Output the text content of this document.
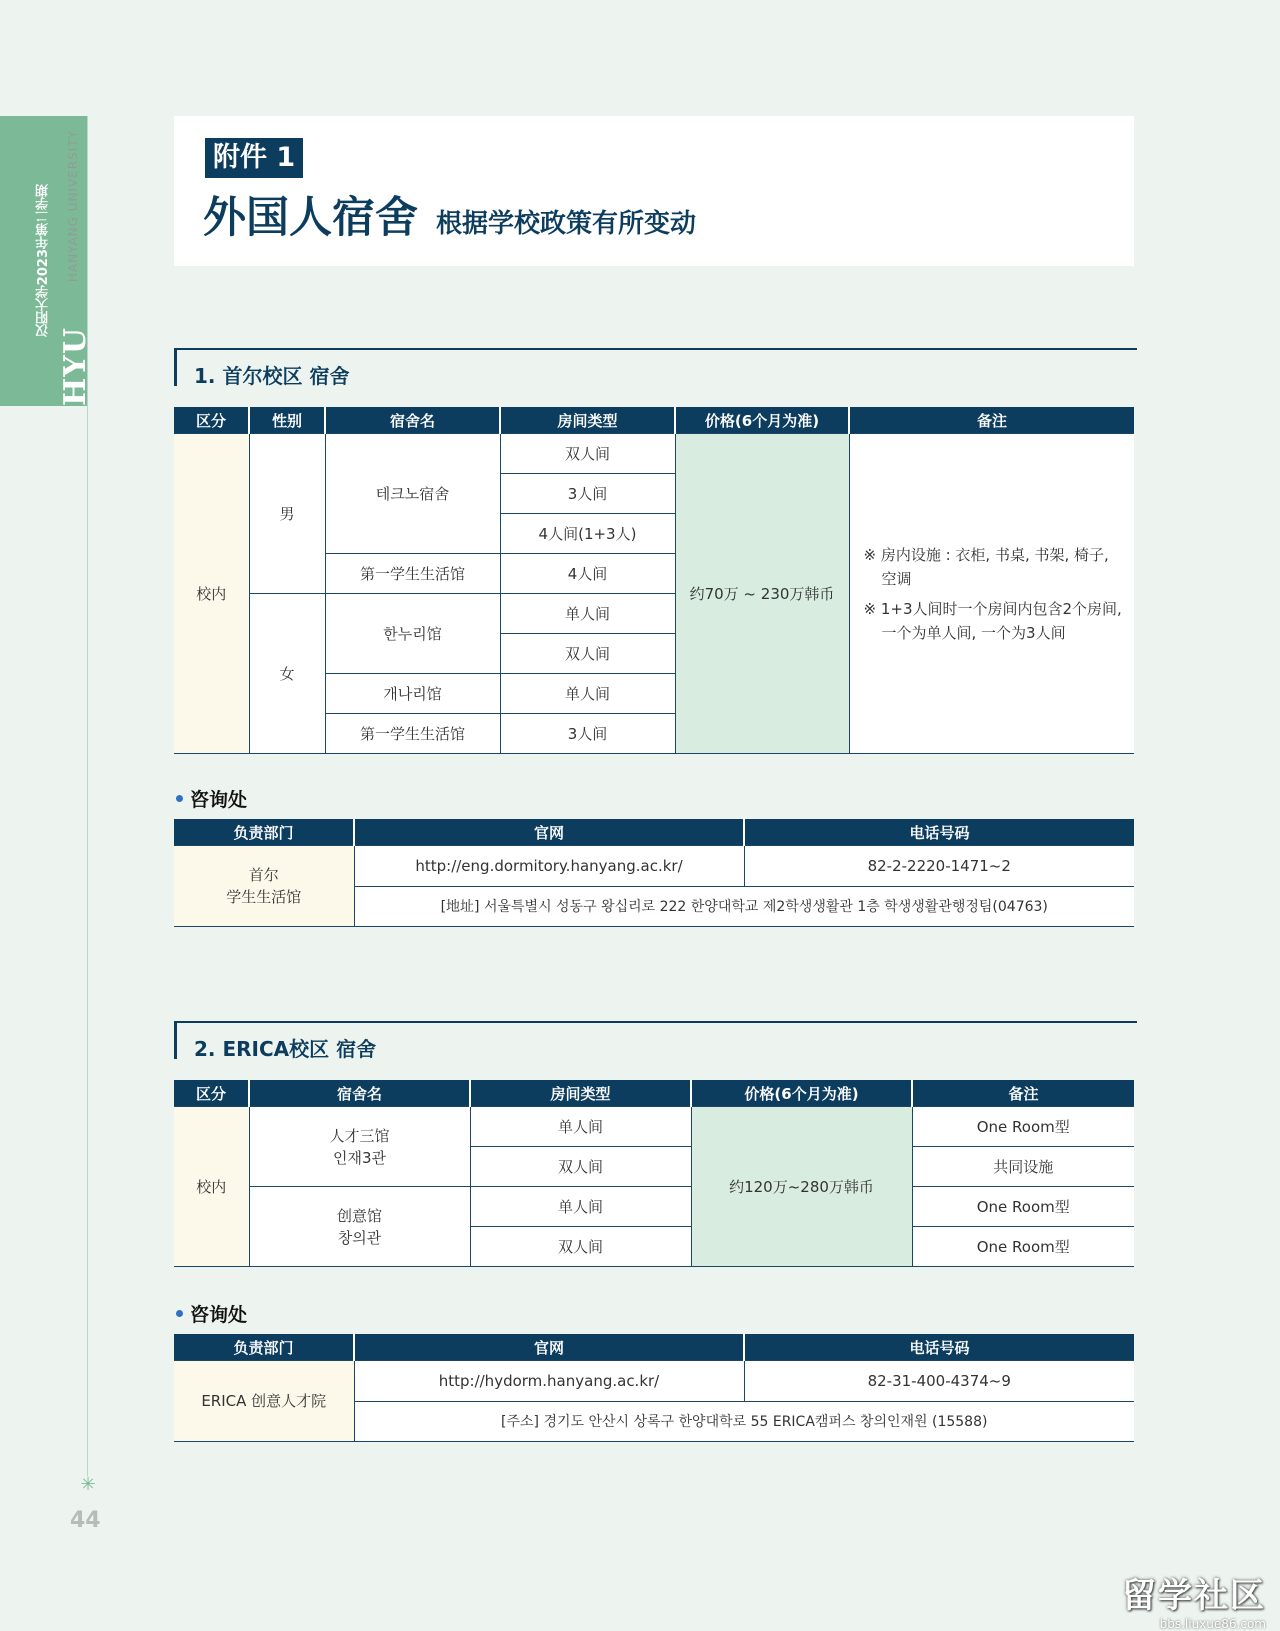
汉阳大学2023年第二学期
HYU
HANYANG UNIVERSITY
✳
44
附件 1
外国人宿舍 根据学校政策有所变动
1. 首尔校区 宿舍
区分	性别	宿舍名	房间类型	价格(6个月为准)	备注
校内	男	테크노宿舍	双人间	约70万 ~ 230万韩币	※ 房内设施 : 衣柜, 书桌, 书架, 椅子, 空调

※ 1+3人间时一个房间内包含2个房间, 一个为单人间, 一个为3人间

			3人间		
			4人间(1+3人)		
		第一学生生活馆	4人间		
	女	한누리馆	单人间		
			双人间		
		개나리馆	单人间		
		第一学生生活馆	3人间		
咨询处
负责部门	官网	电话号码

首尔
学生生活馆	http://eng.dormitory.hanyang.ac.kr/	82-2-2220-1471~2
	[地址] 서울특별시 성동구 왕십리로 222 한양대학교 제2학생생활관 1층 학생생활관행정팀(04763)	
2. ERICA校区 宿舍
区分	宿舍名	房间类型	价格(6个月为准)	备注
校内	人才三馆
인재3관	单人间	约120万~280万韩币	One Room型
		双人间		共同设施

	创意馆
창의관	单人间		One Room型
		双人间		One Room型
咨询处
负责部门	官网	电话号码
ERICA 创意人才院	http://hydorm.hanyang.ac.kr/	82-31-400-4374~9
	[주소] 경기도 안산시 상록구 한양대학로 55 ERICA캠퍼스 창의인재원 (15588)	
留学社区
bbs.liuxue86.com
